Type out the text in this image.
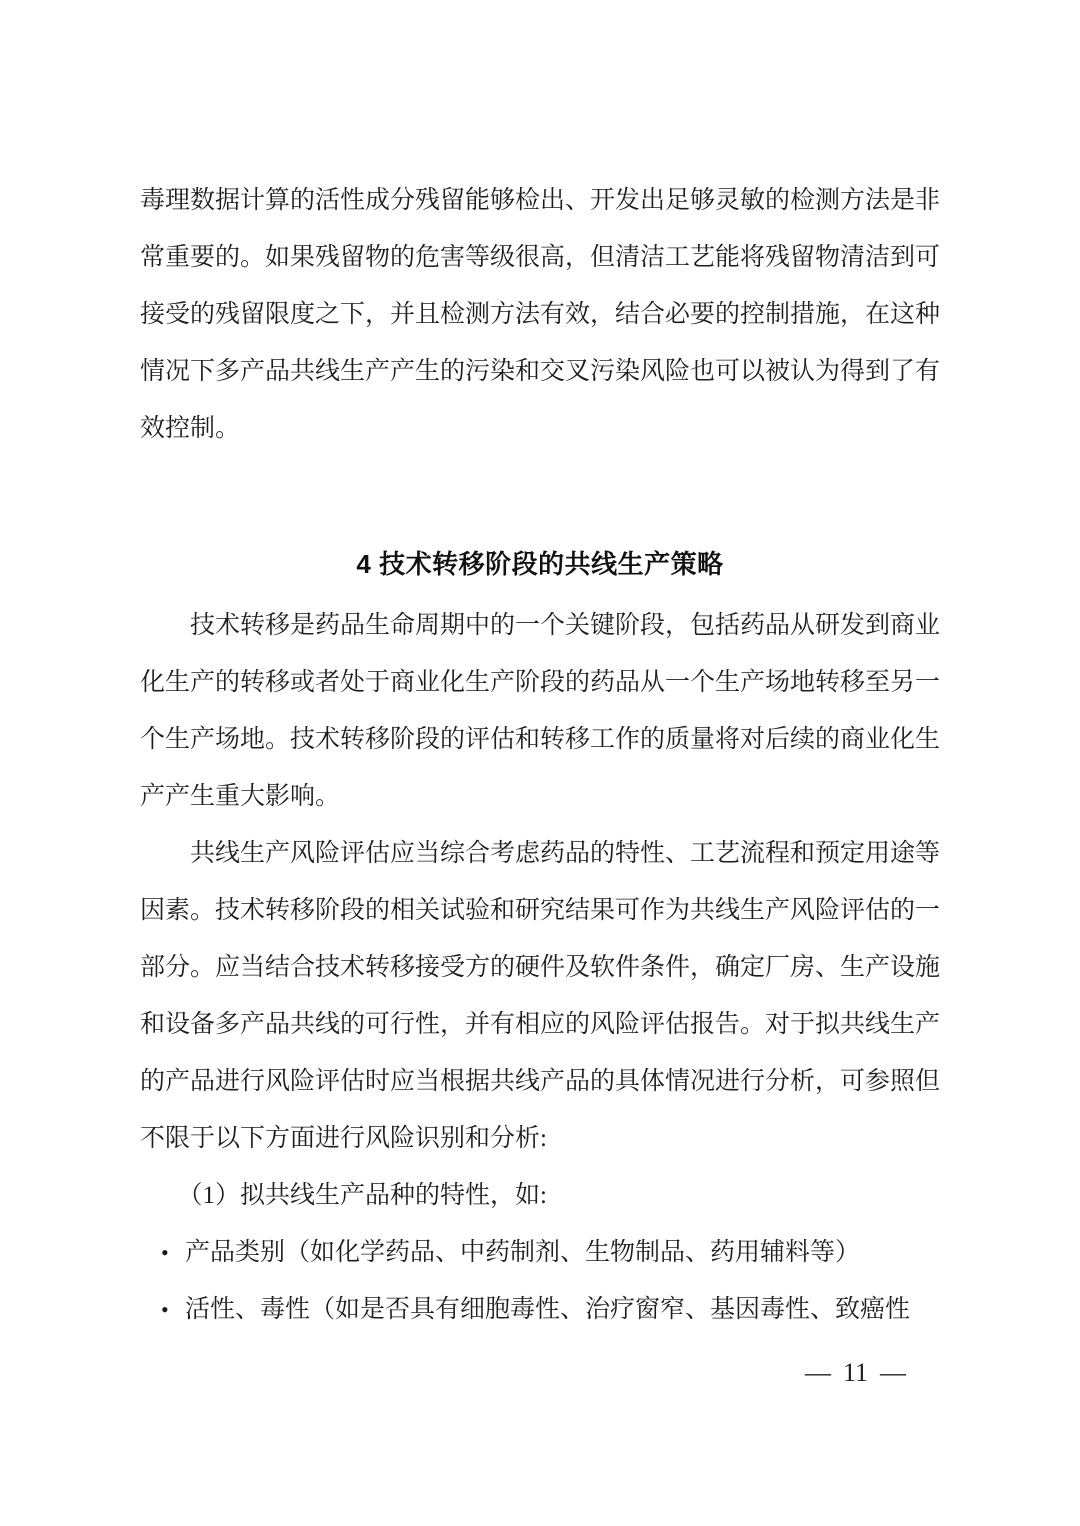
毒理数据计算的活性成分残留能够检出、开发出足够灵敏的检测方法是非常重要的。如果残留物的危害等级很高，但清洁工艺能将残留物清洁到可接受的残留限度之下，并且检测方法有效，结合必要的控制措施，在这种情况下多产品共线生产产生的污染和交叉污染风险也可以被认为得到了有效控制。

4 技术转移阶段的共线生产策略

技术转移是药品生命周期中的一个关键阶段，包括药品从研发到商业化生产的转移或者处于商业化生产阶段的药品从一个生产场地转移至另一个生产场地。技术转移阶段的评估和转移工作的质量将对后续的商业化生产产生重大影响。

共线生产风险评估应当综合考虑药品的特性、工艺流程和预定用途等因素。技术转移阶段的相关试验和研究结果可作为共线生产风险评估的一部分。应当结合技术转移接受方的硬件及软件条件，确定厂房、生产设施和设备多产品共线的可行性，并有相应的风险评估报告。对于拟共线生产的产品进行风险评估时应当根据共线产品的具体情况进行分析，可参照但不限于以下方面进行风险识别和分析:

（1）拟共线生产品种的特性，如:

• 产品类别（如化学药品、中药制剂、生物制品、药用辅料等）

• 活性、毒性（如是否具有细胞毒性、治疗窗窄、基因毒性、致癌性

— 11 —
